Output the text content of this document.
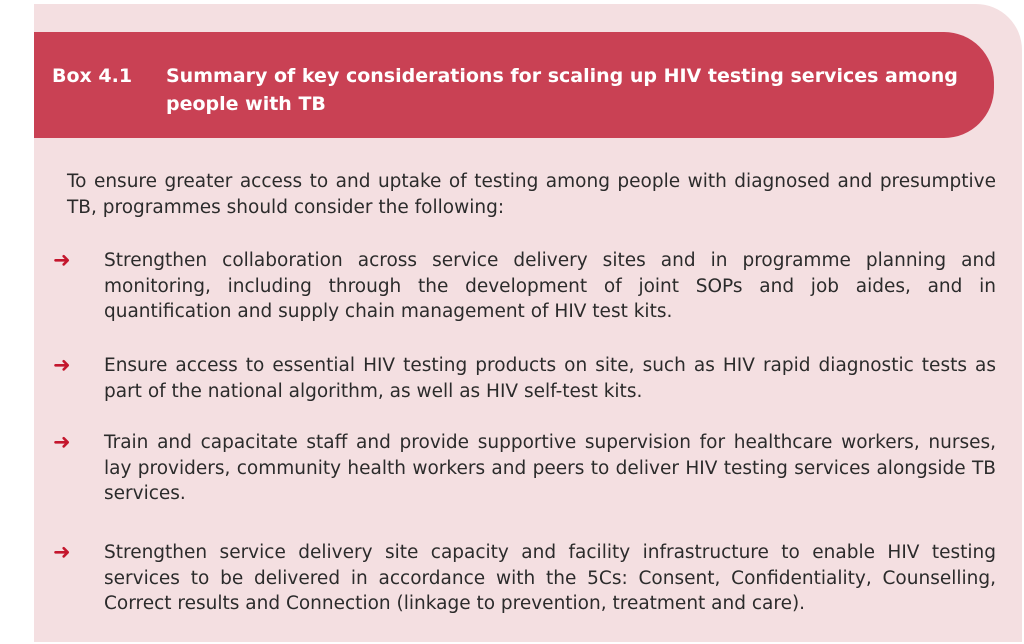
Box 4.1 Summary of key considerations for scaling up HIV testing services among people with TB

To ensure greater access to and uptake of testing among people with diagnosed and presumptive TB, programmes should consider the following:

➜ Strengthen collaboration across service delivery sites and in programme planning and monitoring, including through the development of joint SOPs and job aides, and in quantification and supply chain management of HIV test kits.

➜ Ensure access to essential HIV testing products on site, such as HIV rapid diagnostic tests as part of the national algorithm, as well as HIV self-test kits.

➜ Train and capacitate staff and provide supportive supervision for healthcare workers, nurses, lay providers, community health workers and peers to deliver HIV testing services alongside TB services.

➜ Strengthen service delivery site capacity and facility infrastructure to enable HIV testing services to be delivered in accordance with the 5Cs: Consent, Confidentiality, Counselling, Correct results and Connection (linkage to prevention, treatment and care).
